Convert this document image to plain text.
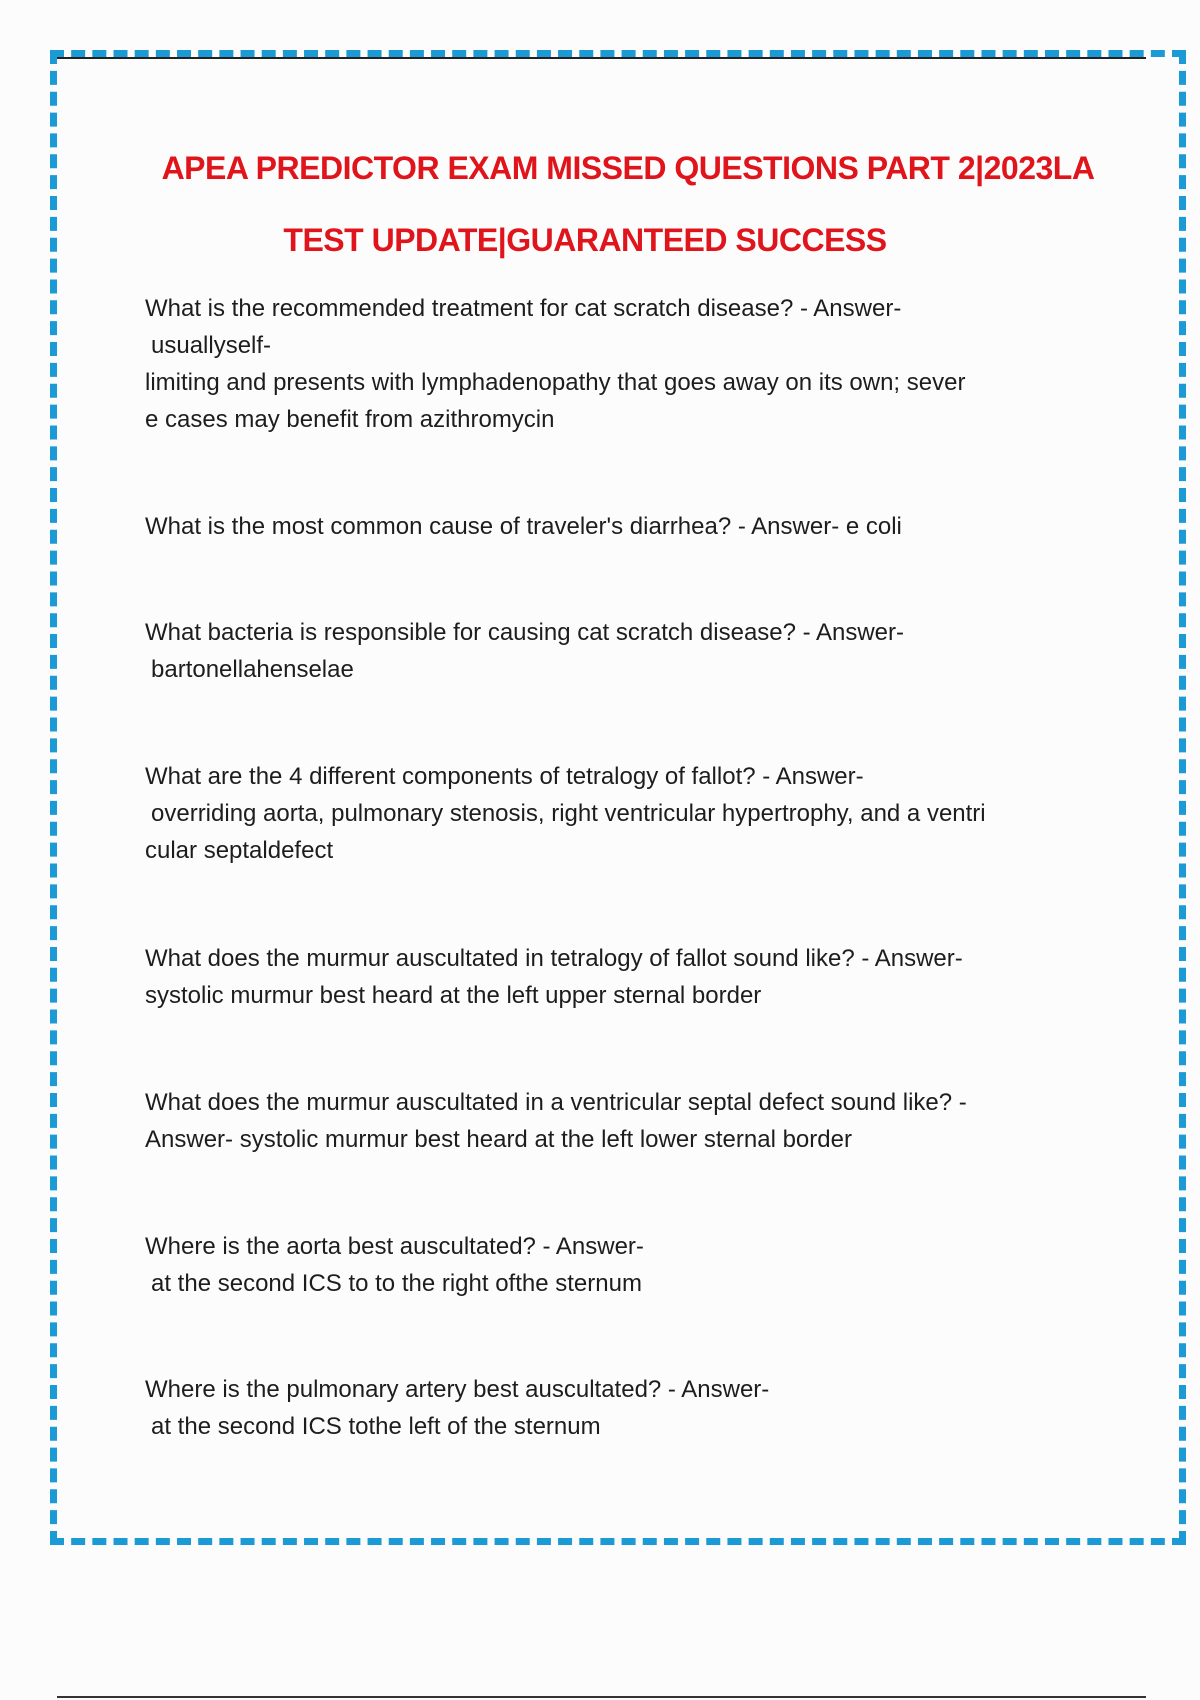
APEA PREDICTOR EXAM MISSED QUESTIONS PART 2|2023LA
TEST UPDATE|GUARANTEED SUCCESS
What is the recommended treatment for cat scratch disease? - Answer-
usuallyself-
limiting and presents with lymphadenopathy that goes away on its own; sever
e cases may benefit from azithromycin
What is the most common cause of traveler's diarrhea? - Answer- e coli
What bacteria is responsible for causing cat scratch disease? - Answer-
bartonellahenselae
What are the 4 different components of tetralogy of fallot? - Answer-
overriding aorta, pulmonary stenosis, right ventricular hypertrophy, and a ventri
cular septaldefect
What does the murmur auscultated in tetralogy of fallot sound like? - Answer-
systolic murmur best heard at the left upper sternal border
What does the murmur auscultated in a ventricular septal defect sound like? -
Answer- systolic murmur best heard at the left lower sternal border
Where is the aorta best auscultated? - Answer-
at the second ICS to to the right ofthe sternum
Where is the pulmonary artery best auscultated? - Answer-
at the second ICS tothe left of the sternum
